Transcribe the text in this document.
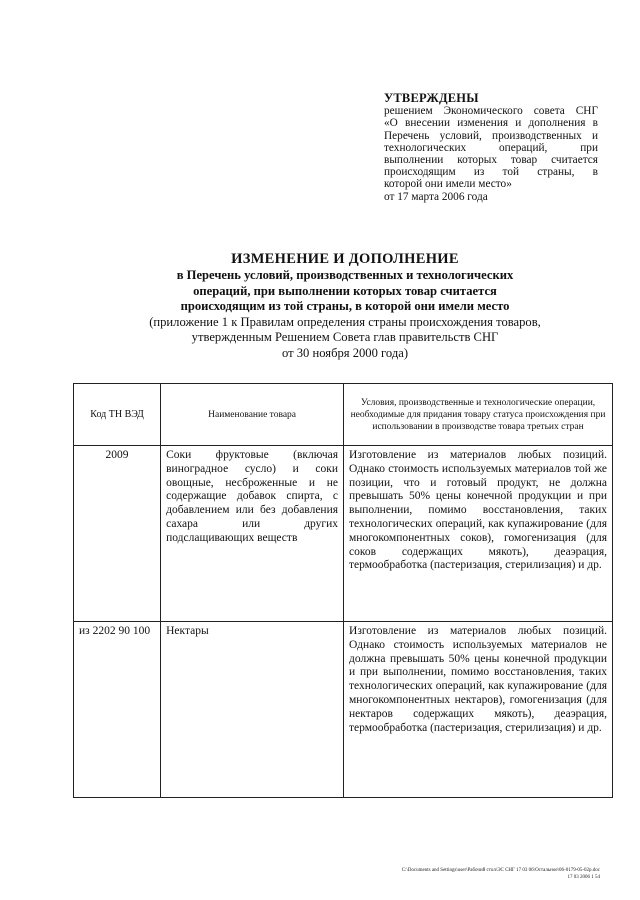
УТВЕРЖДЕНЫ
решением Экономического совета СНГ
«О внесении изменения и дополнения в
Перечень условий, производственных и
технологических операций, при
выполнении которых товар считается
происходящим из той страны, в
которой они имели место»
от 17 марта 2006 года
ИЗМЕНЕНИЕ И ДОПОЛНЕНИЕ
в Перечень условий, производственных и технологических
операций, при выполнении которых товар считается
происходящим из той страны, в которой они имели место
(приложение 1 к Правилам определения страны происхождения товаров,
утвержденным Решением Совета глав правительств СНГ
от 30 ноября 2000 года)
Код ТН ВЭД	Наименование товара	Условия, производственные и технологические операции, необходимые для придания товару статуса происхождения при использовании в производстве товара третьих стран
2009	Соки фруктовые (включая виноградное сусло) и соки овощные, несброженные и не содержащие добавок спирта, с добавлением или без добавления сахара или других подслащивающих веществ	Изготовление из материалов любых позиций. Однако стоимость используемых материалов той же позиции, что и готовый продукт, не должна превышать 50% цены конечной продукции и при выполнении, помимо восстановления, таких технологических операций, как купажирование (для многокомпонентных соков), гомогенизация (для соков содержащих мякоть), деаэрация, термообработка (пастеризация, стерилизация) и др.
из 2202 90 100	Нектары	Изготовление из материалов любых позиций. Однако стоимость используемых материалов не должна превышать 50% цены конечной продукции и при выполнении, помимо восстановления, таких технологических операций, как купажирование (для многокомпонентных нектаров), гомогенизация (для нектаров содержащих мякоть), деаэрация, термообработка (пастеризация, стерилизация) и др.
C:\Documents and Settings\user\Рабочий стол\ЭС СНГ 17 03 06\Остальное\06-0179-05-02р.doc
17 03 2006 1 54
